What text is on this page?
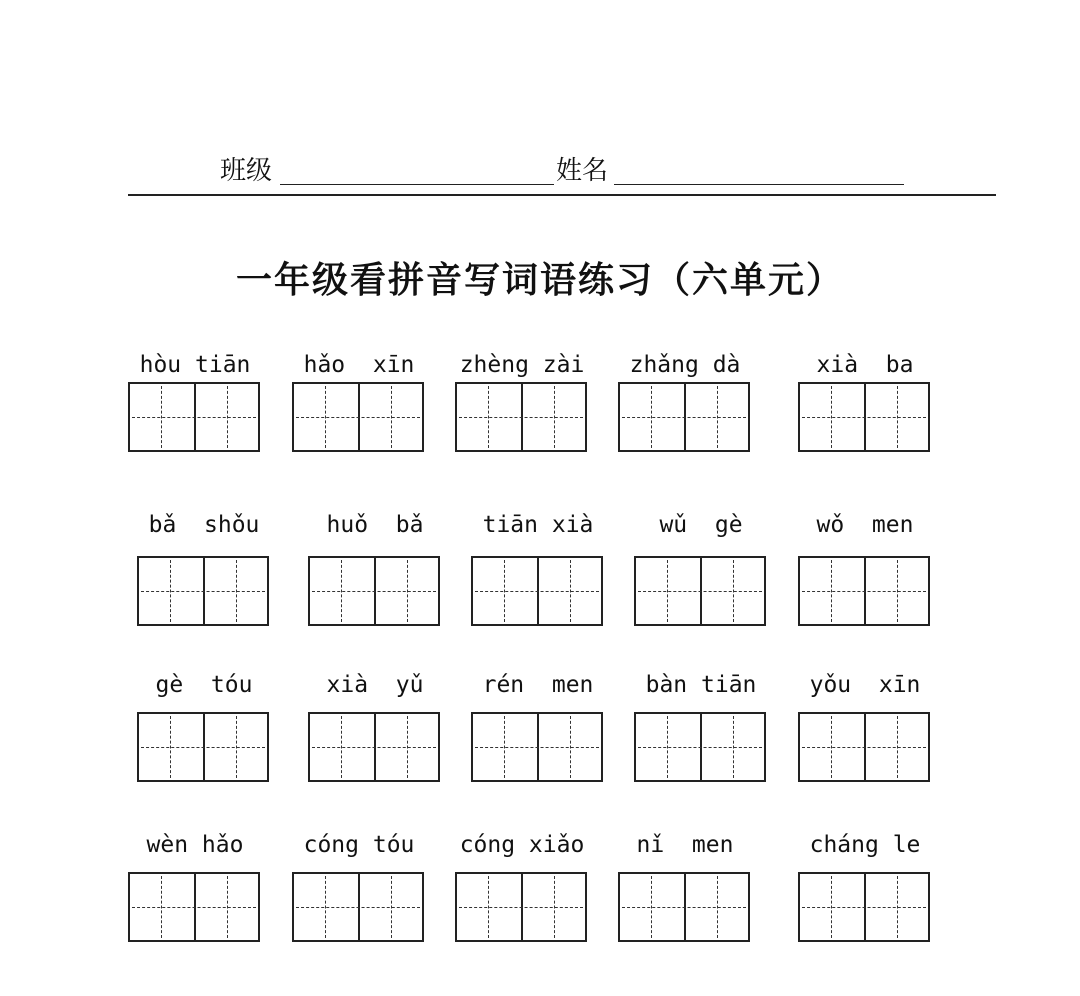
班级	姓名
一年级看拼音写词语练习（六单元）
hòu tiān	hǎo  xīn	zhèng zài	zhǎng dà	xià  ba
bǎ  shǒu	huǒ  bǎ	tiān xià	wǔ  gè	wǒ  men
gè  tóu	xià  yǔ	rén  men	bàn tiān	yǒu  xīn
wèn hǎo	cóng tóu	cóng xiǎo	nǐ  men	cháng le
